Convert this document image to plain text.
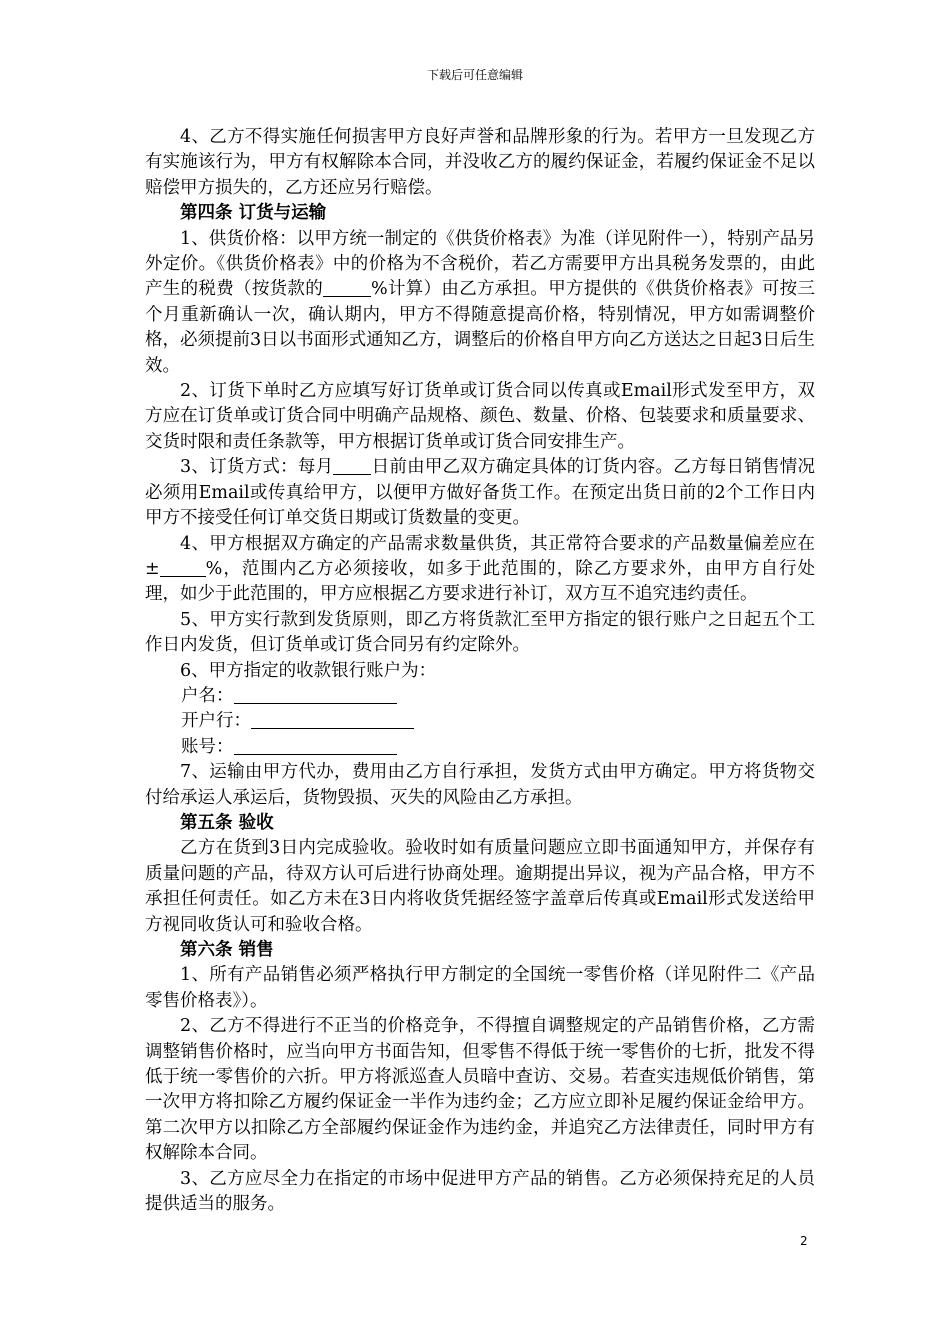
下载后可任意编辑

4、乙方不得实施任何损害甲方良好声誉和品牌形象的行为。若甲方一旦发现乙方有实施该行为，甲方有权解除本合同，并没收乙方的履约保证金，若履约保证金不足以赔偿甲方损失的，乙方还应另行赔偿。

第四条 订货与运输

1、供货价格：以甲方统一制定的《供货价格表》为准（详见附件一），特别产品另外定价。《供货价格表》中的价格为不含税价，若乙方需要甲方出具税务发票的，由此产生的税费（按货款的	%计算）由乙方承担。甲方提供的《供货价格表》可按三个月重新确认一次，确认期内，甲方不得随意提高价格，特别情况，甲方如需调整价格，必须提前3日以书面形式通知乙方，调整后的价格自甲方向乙方送达之日起3日后生效。

2、订货下单时乙方应填写好订货单或订货合同以传真或Email形式发至甲方，双方应在订货单或订货合同中明确产品规格、颜色、数量、价格、包装要求和质量要求、交货时限和责任条款等，甲方根据订货单或订货合同安排生产。

3、订货方式：每月 日前由甲乙双方确定具体的订货内容。乙方每日销售情况必须用Email或传真给甲方，以便甲方做好备货工作。在预定出货日前的2个工作日内甲方不接受任何订单交货日期或订货数量的变更。

4、甲方根据双方确定的产品需求数量供货，其正常符合要求的产品数量偏差应在±	%，范围内乙方必须接收，如多于此范围的，除乙方要求外，由甲方自行处理，如少于此范围的，甲方应根据乙方要求进行补订，双方互不追究违约责任。

5、甲方实行款到发货原则，即乙方将货款汇至甲方指定的银行账户之日起五个工作日内发货，但订货单或订货合同另有约定除外。

6、甲方指定的收款银行账户为：

户名：

开户行：

账号：

7、运输由甲方代办，费用由乙方自行承担，发货方式由甲方确定。甲方将货物交付给承运人承运后，货物毁损、灭失的风险由乙方承担。

第五条 验收

乙方在货到3日内完成验收。验收时如有质量问题应立即书面通知甲方，并保存有质量问题的产品，待双方认可后进行协商处理。逾期提出异议，视为产品合格，甲方不承担任何责任。如乙方未在3日内将收货凭据经签字盖章后传真或Email形式发送给甲方视同收货认可和验收合格。

第六条 销售

1、所有产品销售必须严格执行甲方制定的全国统一零售价格（详见附件二《产品零售价格表》）。

2、乙方不得进行不正当的价格竞争，不得擅自调整规定的产品销售价格，乙方需调整销售价格时，应当向甲方书面告知，但零售不得低于统一零售价的七折，批发不得低于统一零售价的六折。甲方将派巡查人员暗中查访、交易。若查实违规低价销售，第一次甲方将扣除乙方履约保证金一半作为违约金；乙方应立即补足履约保证金给甲方。第二次甲方以扣除乙方全部履约保证金作为违约金，并追究乙方法律责任，同时甲方有权解除本合同。

3、乙方应尽全力在指定的市场中促进甲方产品的销售。乙方必须保持充足的人员提供适当的服务。

2
